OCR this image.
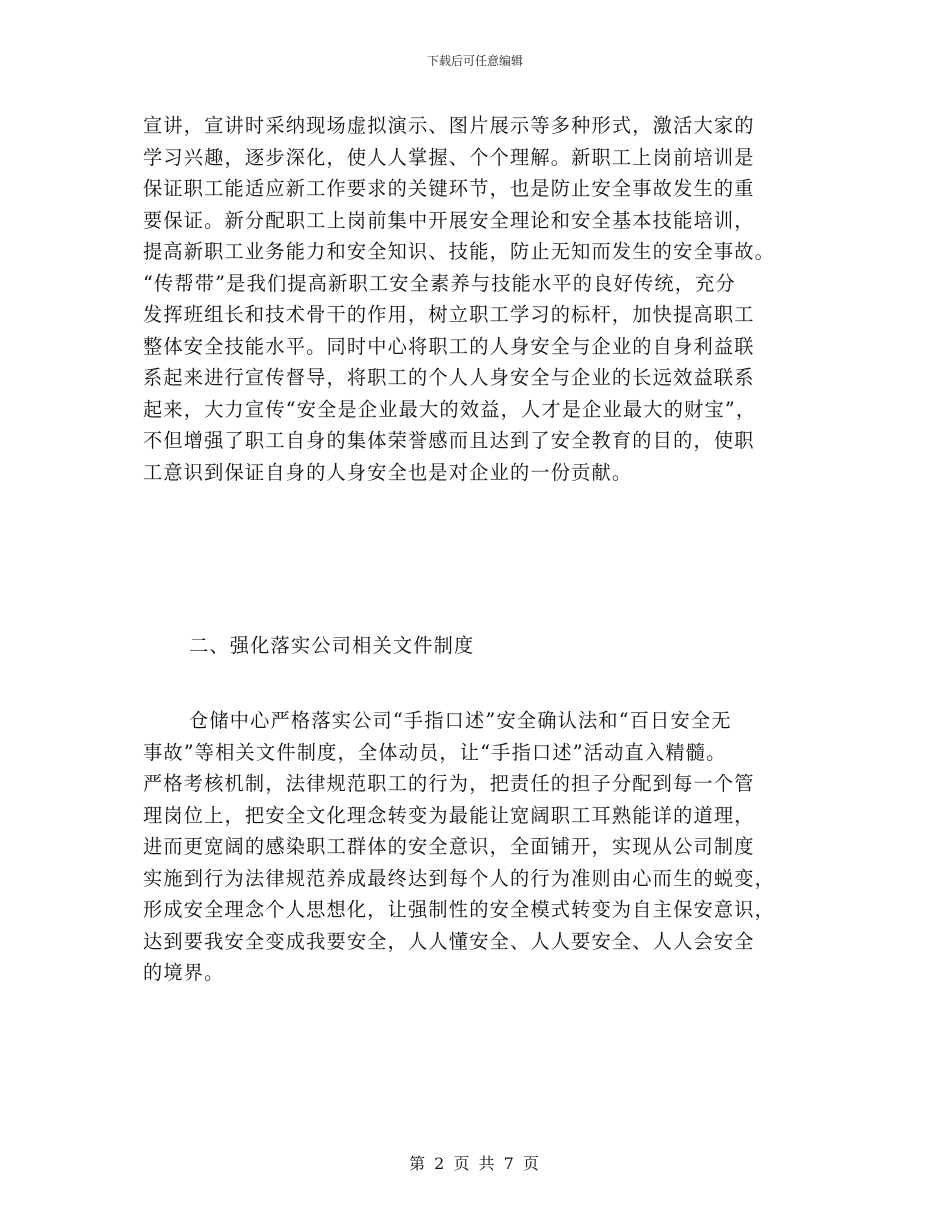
下载后可任意编辑
宣讲，宣讲时采纳现场虚拟演示、图片展示等多种形式，激活大家的
学习兴趣，逐步深化，使人人掌握、个个理解。新职工上岗前培训是
保证职工能适应新工作要求的关键环节，也是防止安全事故发生的重
要保证。新分配职工上岗前集中开展安全理论和安全基本技能培训，
提高新职工业务能力和安全知识、技能，防止无知而发生的安全事故。
“传帮带”是我们提高新职工安全素养与技能水平的良好传统，充分
发挥班组长和技术骨干的作用，树立职工学习的标杆，加快提高职工
整体安全技能水平。同时中心将职工的人身安全与企业的自身利益联
系起来进行宣传督导，将职工的个人人身安全与企业的长远效益联系
起来，大力宣传“安全是企业最大的效益，人才是企业最大的财宝”，
不但增强了职工自身的集体荣誉感而且达到了安全教育的目的，使职
工意识到保证自身的人身安全也是对企业的一份贡献。
二、强化落实公司相关文件制度
仓储中心严格落实公司“手指口述”安全确认法和“百日安全无
事故”等相关文件制度，全体动员，让“手指口述”活动直入精髓。
严格考核机制，法律规范职工的行为，把责任的担子分配到每一个管
理岗位上，把安全文化理念转变为最能让宽阔职工耳熟能详的道理，
进而更宽阔的感染职工群体的安全意识，全面铺开，实现从公司制度
实施到行为法律规范养成最终达到每个人的行为准则由心而生的蜕变，
形成安全理念个人思想化，让强制性的安全模式转变为自主保安意识，
达到要我安全变成我要安全，人人懂安全、人人要安全、人人会安全
的境界。
第 2 页 共 7 页
